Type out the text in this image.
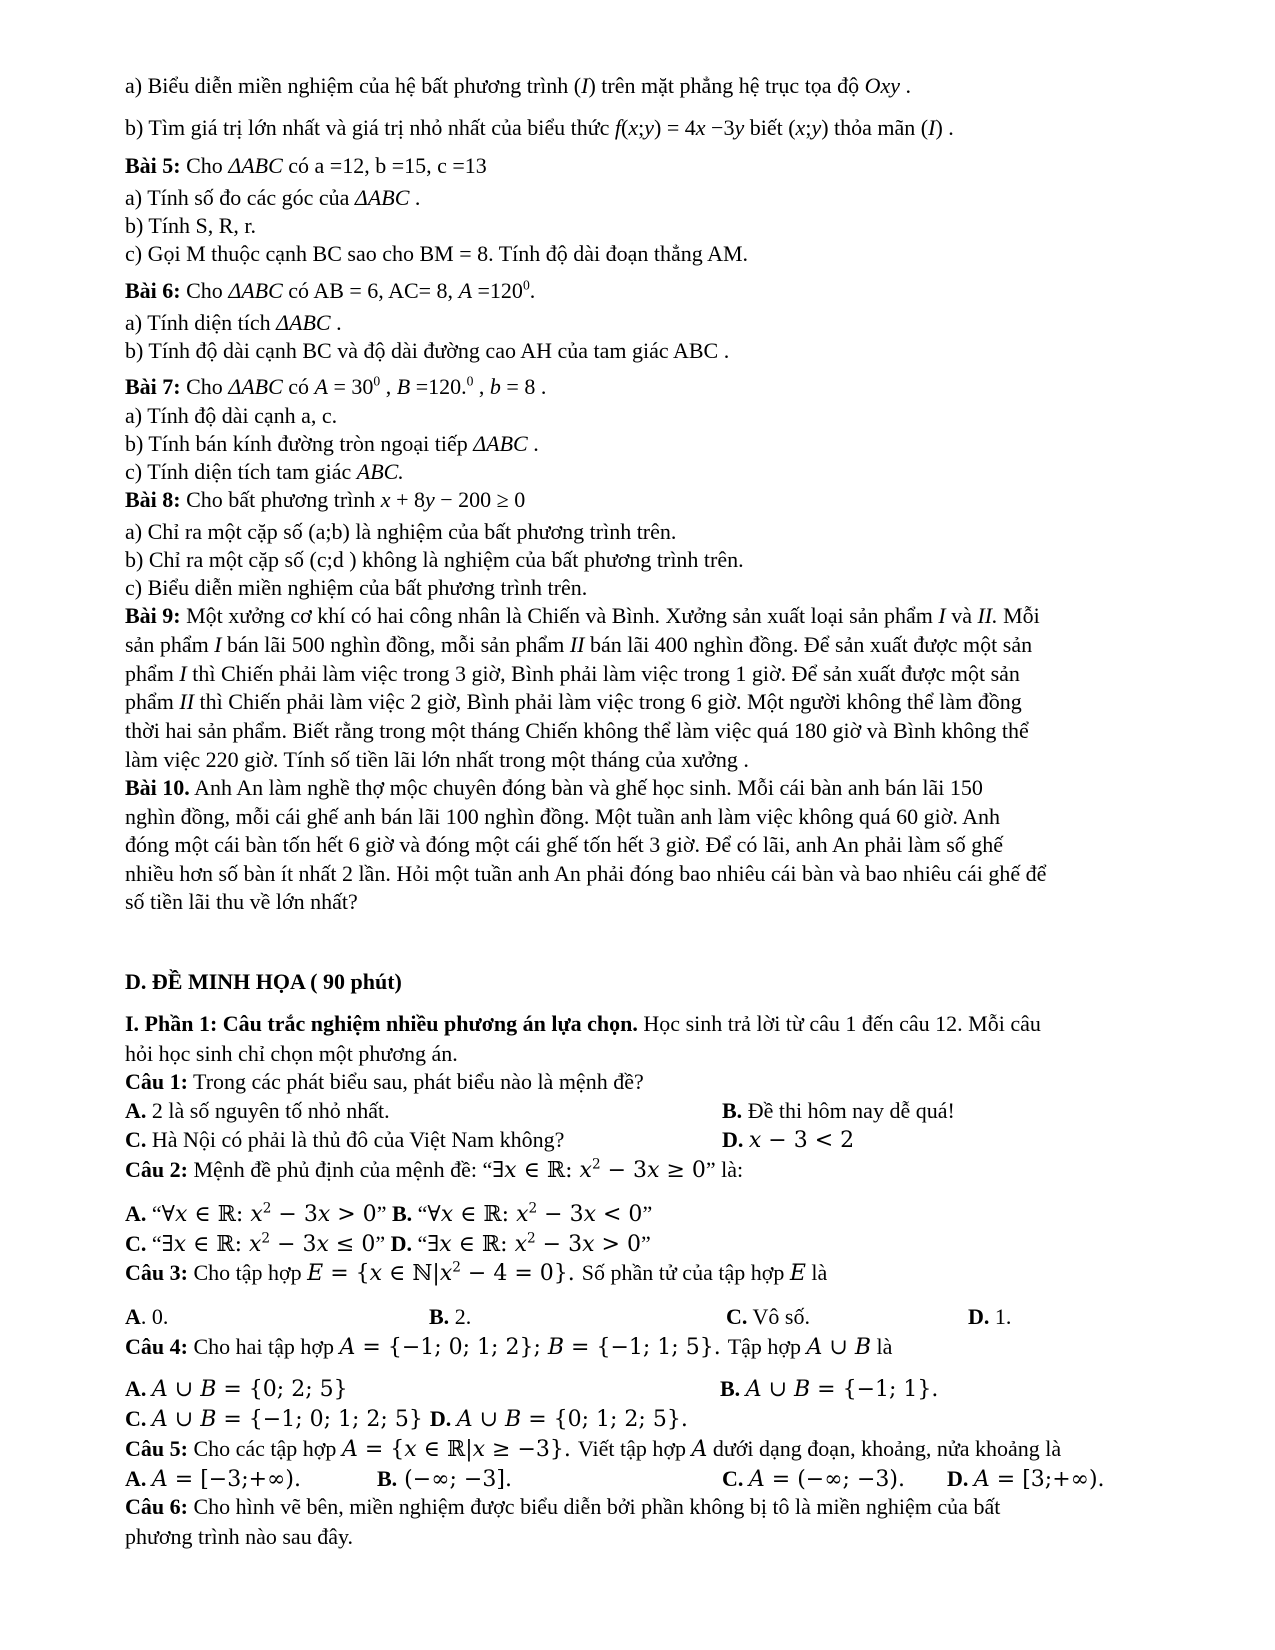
a) Biểu diễn miền nghiệm của hệ bất phương trình (I) trên mặt phẳng hệ trục tọa độ Oxy .
b) Tìm giá trị lớn nhất và giá trị nhỏ nhất của biểu thức f(x;y) = 4x −3y biết (x;y) thỏa mãn (I) .
Bài 5: Cho ΔABC có a =12, b =15, c =13
a) Tính số đo các góc của ΔABC .
b) Tính S, R, r.
c) Gọi M thuộc cạnh BC sao cho BM = 8. Tính độ dài đoạn thẳng AM.
Bài 6: Cho ΔABC có AB = 6, AC= 8, $A =120^0$.
a) Tính diện tích ΔABC .
b) Tính độ dài cạnh BC và độ dài đường cao AH của tam giác ABC .
Bài 7: Cho ΔABC có $A = 30^0$ , B =120.$^0$ , b = 8 .
a) Tính độ dài cạnh a, c.
b) Tính bán kính đường tròn ngoại tiếp ΔABC .
c) Tính diện tích tam giác ABC.
Bài 8: Cho bất phương trình x + 8y − 200 ≥ 0
a) Chỉ ra một cặp số (a;b) là nghiệm của bất phương trình trên.
b) Chỉ ra một cặp số (c;d ) không là nghiệm của bất phương trình trên.
c) Biểu diễn miền nghiệm của bất phương trình trên.
Bài 9: Một xưởng cơ khí có hai công nhân là Chiến và Bình. Xưởng sản xuất loại sản phẩm I và II. Mỗi
sản phẩm I bán lãi 500 nghìn đồng, mỗi sản phẩm II bán lãi 400 nghìn đồng. Để sản xuất được một sản
phẩm I thì Chiến phải làm việc trong 3 giờ, Bình phải làm việc trong 1 giờ. Để sản xuất được một sản
phẩm II thì Chiến phải làm việc 2 giờ, Bình phải làm việc trong 6 giờ. Một người không thể làm đồng
thời hai sản phẩm. Biết rằng trong một tháng Chiến không thể làm việc quá 180 giờ và Bình không thể
làm việc 220 giờ. Tính số tiền lãi lớn nhất trong một tháng của xưởng .
Bài 10. Anh An làm nghề thợ mộc chuyên đóng bàn và ghế học sinh. Mỗi cái bàn anh bán lãi 150
nghìn đồng, mỗi cái ghế anh bán lãi 100 nghìn đồng. Một tuần anh làm việc không quá 60 giờ. Anh
đóng một cái bàn tốn hết 6 giờ và đóng một cái ghế tốn hết 3 giờ. Để có lãi, anh An phải làm số ghế
nhiều hơn số bàn ít nhất 2 lần. Hỏi một tuần anh An phải đóng bao nhiêu cái bàn và bao nhiêu cái ghế để
số tiền lãi thu về lớn nhất?
D. ĐỀ MINH HỌA ( 90 phút)
I. Phần 1: Câu trắc nghiệm nhiều phương án lựa chọn. Học sinh trả lời từ câu 1 đến câu 12. Mỗi câu
hỏi học sinh chỉ chọn một phương án.
Câu 1: Trong các phát biểu sau, phát biểu nào là mệnh đề?
A. 2 là số nguyên tố nhỏ nhất.	B. Đề thi hôm nay dễ quá!
C. Hà Nội có phải là thủ đô của Việt Nam không?	D. x − 3 < 2
Câu 2: Mệnh đề phủ định của mệnh đề: “∃x ∈ ℝ: $x^2 - 3x \ge 0$” là:
A. “∀x ∈ ℝ: $x^2 - 3x > 0$” B. “∀x ∈ ℝ: $x^2 - 3x < 0$”
C. “∃x ∈ ℝ: $x^2 - 3x \le 0$” D. “∃x ∈ ℝ: $x^2 - 3x > 0$”
Câu 3: Cho tập hợp E = {x ∈ $ℕ|x^2 - 4 = 0$}. Số phần tử của tập hợp E là
A. 0.	B. 2.	C. Vô số.	D. 1.
Câu 4: Cho hai tập hợp A = {−1; 0; 1; 2}; B = {−1; 1; 5}. Tập hợp A ∪ B là
A. A ∪ B = {0; 2; 5}	B. A ∪ B = {−1; 1}.
C. A ∪ B = {−1; 0; 1; 2; 5} D. A ∪ B = {0; 1; 2; 5}.
Câu 5: Cho các tập hợp A = {x ∈ ℝ|x ≥ −3}. Viết tập hợp A dưới dạng đoạn, khoảng, nửa khoảng là
A. A = [−3;+∞).	B. (−∞; −3].	C. A = (−∞; −3). D. A = [3;+∞).
Câu 6: Cho hình vẽ bên, miền nghiệm được biểu diễn bởi phần không bị tô là miền nghiệm của bất
phương trình nào sau đây.
